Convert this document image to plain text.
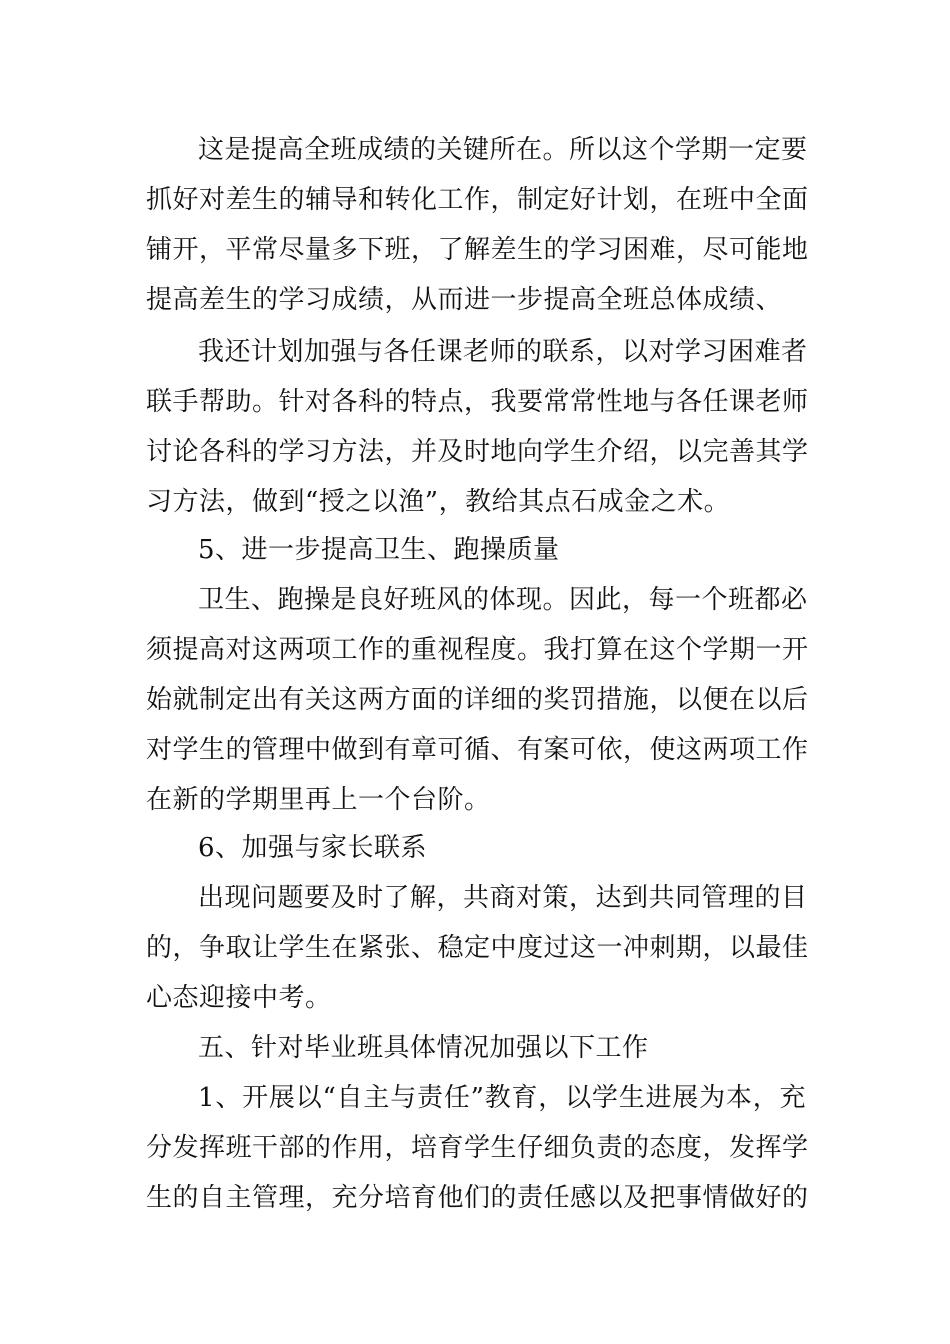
这是提高全班成绩的关键所在。所以这个学期一定要
抓好对差生的辅导和转化工作，制定好计划，在班中全面
铺开，平常尽量多下班，了解差生的学习困难，尽可能地
提高差生的学习成绩，从而进一步提高全班总体成绩、
我还计划加强与各任课老师的联系，以对学习困难者
联手帮助。针对各科的特点，我要常常性地与各任课老师
讨论各科的学习方法，并及时地向学生介绍，以完善其学
习方法，做到“授之以渔”，教给其点石成金之术。
5、进一步提高卫生、跑操质量
卫生、跑操是良好班风的体现。因此，每一个班都必
须提高对这两项工作的重视程度。我打算在这个学期一开
始就制定出有关这两方面的详细的奖罚措施，以便在以后
对学生的管理中做到有章可循、有案可依，使这两项工作
在新的学期里再上一个台阶。
6、加强与家长联系
出现问题要及时了解，共商对策，达到共同管理的目
的，争取让学生在紧张、稳定中度过这一冲刺期，以最佳
心态迎接中考。
五、针对毕业班具体情况加强以下工作
1、开展以“自主与责任”教育，以学生进展为本，充
分发挥班干部的作用，培育学生仔细负责的态度，发挥学
生的自主管理，充分培育他们的责任感以及把事情做好的
